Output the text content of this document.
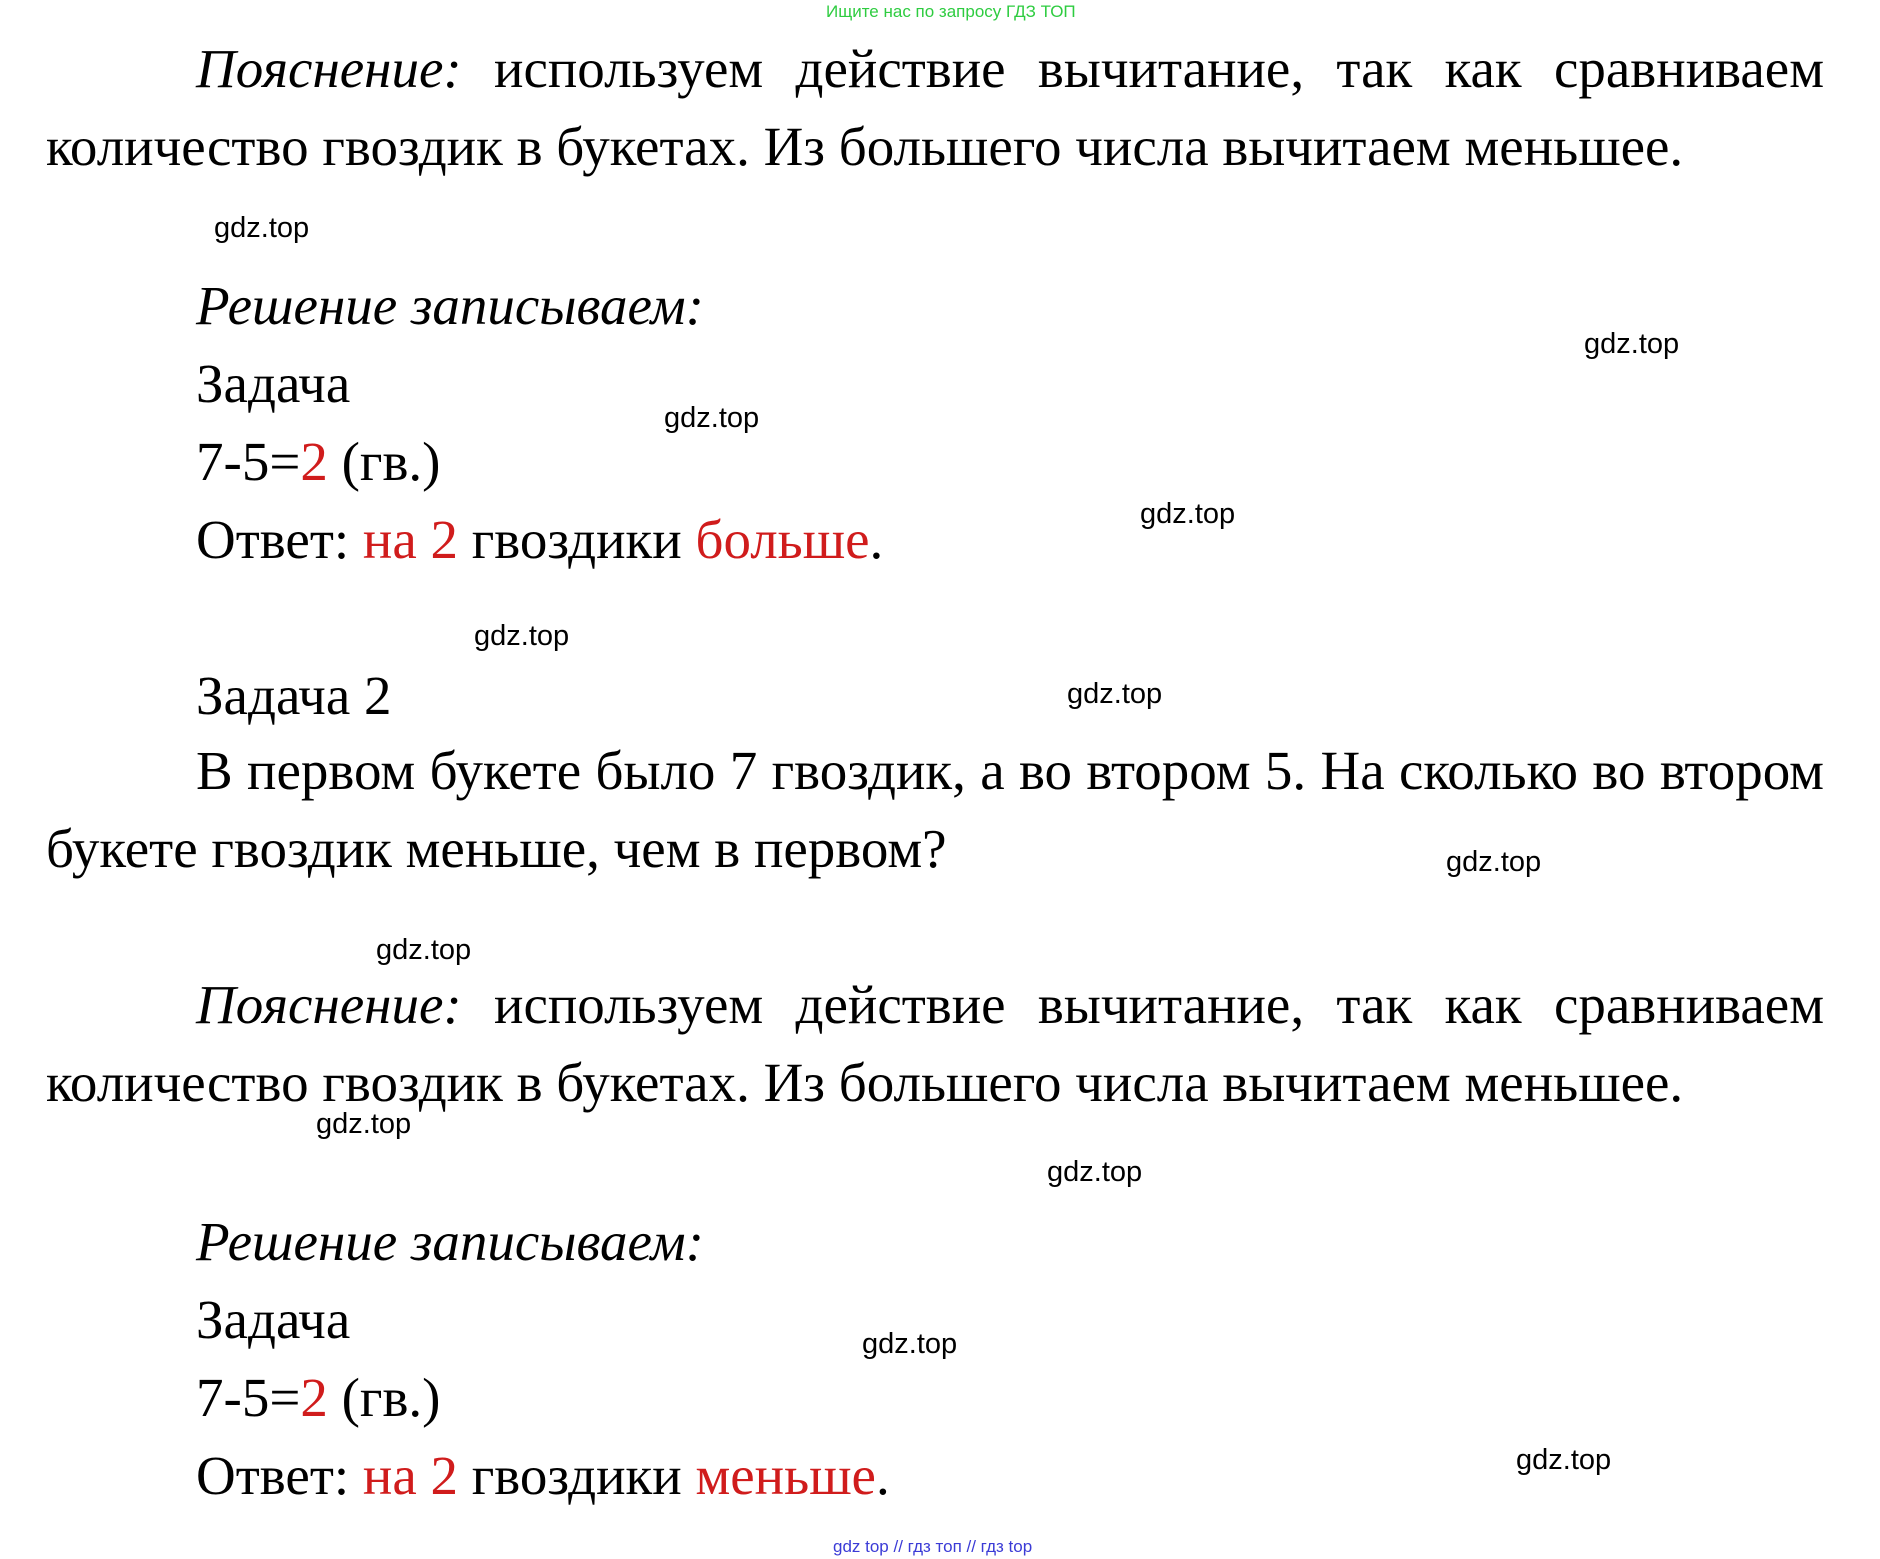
Ищите нас по запросу ГДЗ ТОП
Пояснение: используем действие вычитание, так как сравниваем количество гвоздик в букетах. Из большего числа вычитаем меньшее.
Решение записываем:
Задача
7-5=2 (гв.)
Ответ: на 2 гвоздики больше.
Задача 2
В первом букете было 7 гвоздик, а во втором 5. На сколько во втором букете гвоздик меньше, чем в первом?
Пояснение: используем действие вычитание, так как сравниваем количество гвоздик в букетах. Из большего числа вычитаем меньшее.
Решение записываем:
Задача
7-5=2 (гв.)
Ответ: на 2 гвоздики меньше.
gdz.top
gdz.top
gdz.top
gdz.top
gdz.top
gdz.top
gdz.top
gdz.top
gdz.top
gdz.top
gdz.top
gdz.top
gdz top // гдз топ // гдз top
